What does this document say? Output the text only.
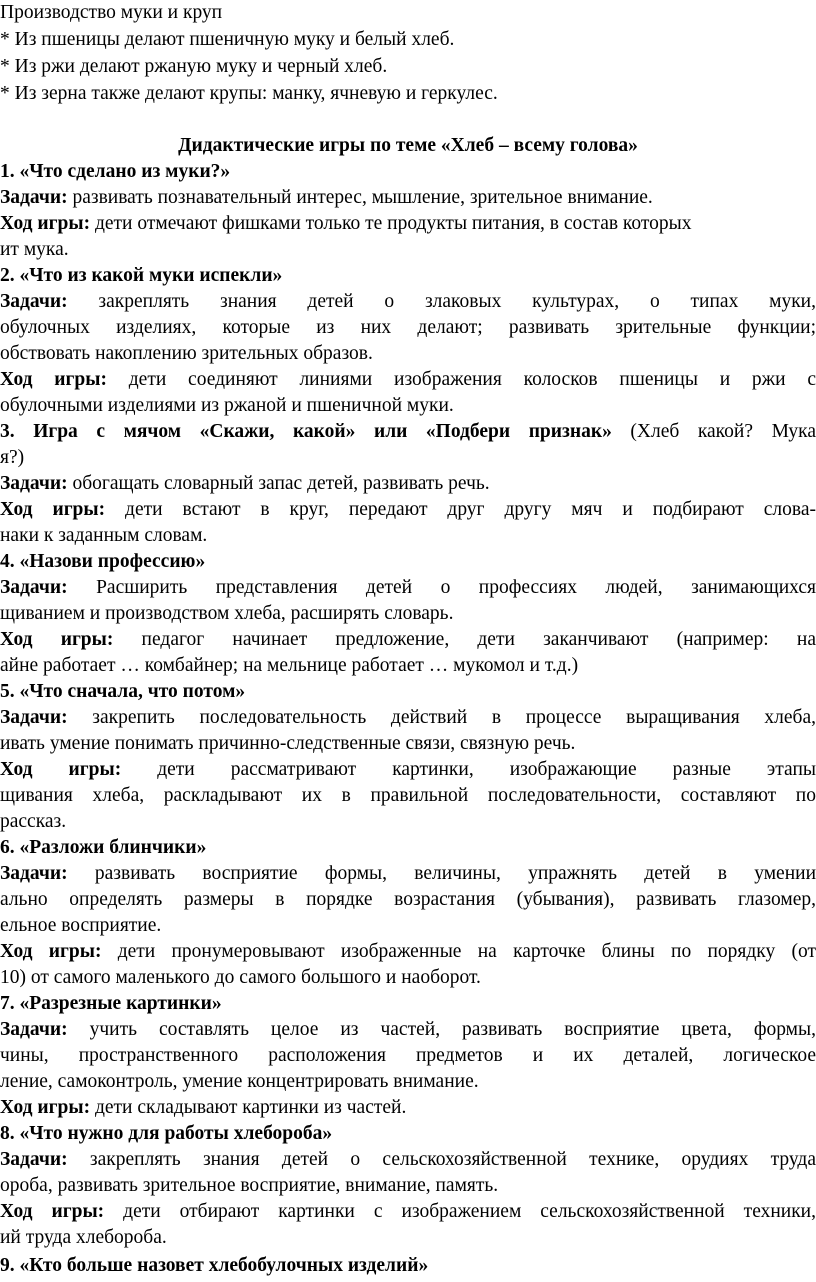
Производство муки и круп
* Из пшеницы делают пшеничную муку и белый хлеб.
* Из ржи делают ржаную муку и черный хлеб.
* Из зерна также делают крупы: манку, ячневую и геркулес.
Дидактические игры по теме «Хлеб – всему голова»
1. «Что сделано из муки?»
Задачи: развивать познавательный интерес, мышление, зрительное внимание.
Ход игры: дети отмечают фишками только те продукты питания, в состав которых
ит мука.
2. «Что из какой муки испекли»
Задачи: закреплять знания детей о злаковых культурах, о типах муки,
обулочных изделиях, которые из них делают; развивать зрительные функции;
обствовать накоплению зрительных образов.
Ход игры: дети соединяют линиями изображения колосков пшеницы и ржи с
обулочными изделиями из ржаной и пшеничной муки.
3. Игра с мячом «Скажи, какой» или «Подбери признак» (Хлеб какой? Мука
я?)
Задачи: обогащать словарный запас детей, развивать речь.
Ход игры: дети встают в круг, передают друг другу мяч и подбирают слова-
наки к заданным словам.
4. «Назови профессию»
Задачи: Расширить представления детей о профессиях людей, занимающихся
щиванием и производством хлеба, расширять словарь.
Ход игры: педагог начинает предложение, дети заканчивают (например: на
айне работает … комбайнер; на мельнице работает … мукомол и т.д.)
5. «Что сначала, что потом»
Задачи: закрепить последовательность действий в процессе выращивания хлеба,
ивать умение понимать причинно-следственные связи, связную речь.
Ход игры: дети рассматривают картинки, изображающие разные этапы
щивания хлеба, раскладывают их в правильной последовательности, составляют по
рассказ.
6. «Разложи блинчики»
Задачи: развивать восприятие формы, величины, упражнять детей в умении
ально определять размеры в порядке возрастания (убывания), развивать глазомер,
ельное восприятие.
Ход игры: дети пронумеровывают изображенные на карточке блины по порядку (от
10) от самого маленького до самого большого и наоборот.
7. «Разрезные картинки»
Задачи: учить составлять целое из частей, развивать восприятие цвета, формы,
чины, пространственного расположения предметов и их деталей, логическое
ление, самоконтроль, умение концентрировать внимание.
Ход игры: дети складывают картинки из частей.
8. «Что нужно для работы хлебороба»
Задачи: закреплять знания детей о сельскохозяйственной технике, орудиях труда
ороба, развивать зрительное восприятие, внимание, память.
Ход игры: дети отбирают картинки с изображением сельскохозяйственной техники,
ий труда хлебороба.
9. «Кто больше назовет хлебобулочных изделий»
